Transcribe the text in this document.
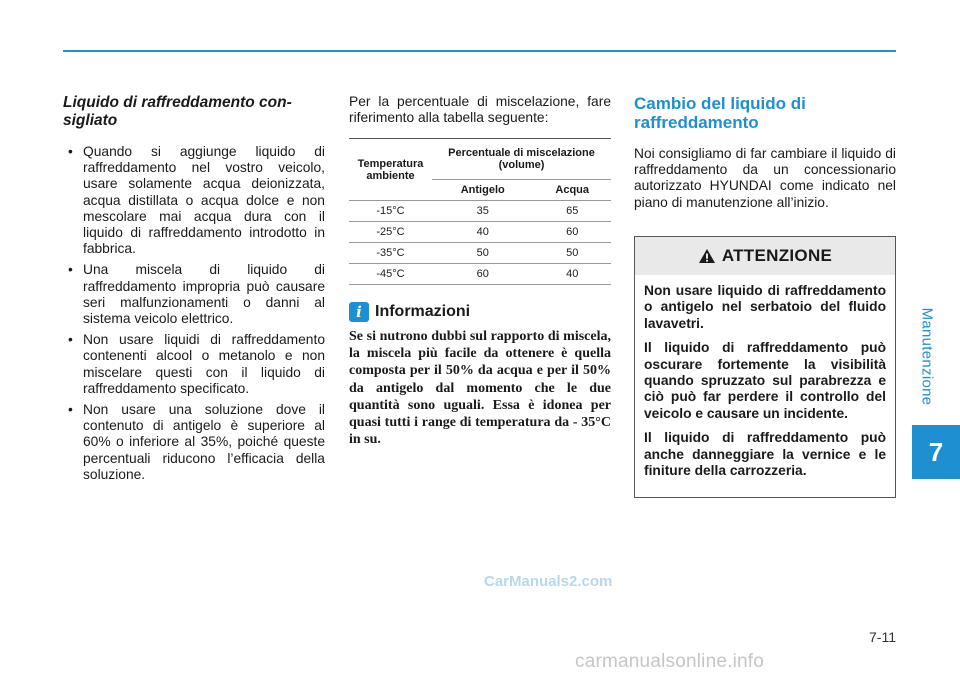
Manutenzione
7

Liquido di raffreddamento con-sigliato

• Quando si aggiunge liquido di raffreddamento nel vostro veicolo, usare solamente acqua deionizzata, acqua distillata o acqua dolce e non mescolare mai acqua dura con il liquido di raffreddamento introdotto in fabbrica.
• Una miscela di liquido di raffreddamento impropria può causare seri malfunzionamenti o danni al sistema veicolo elettrico.
• Non usare liquidi di raffreddamento contenenti alcool o metanolo e non miscelare questi con il liquido di raffreddamento specificato.
• Non usare una soluzione dove il contenuto di antigelo è superiore al 60% o inferiore al 35%, poiché queste percentuali riducono l’efficacia della soluzione.

Per la percentuale di miscelazione, fare riferimento alla tabella seguente:

Temperatura ambiente	Percentuale di miscelazione (volume)	
	Antigelo	Acqua
-15°C	35	65
-25°C	40	60
-35°C	50	50
-45°C	60	40
i Informazioni

Se si nutrono dubbi sul rapporto di miscela, la miscela più facile da ottenere è quella composta per il 50% da acqua e per il 50% da antigelo dal momento che le due quantità sono uguali. Essa è idonea per quasi tutti i range di temperatura da - 35°C in su.

Cambio del liquido di raffreddamento

Noi consigliamo di far cambiare il liquido di raffreddamento da un concessionario autorizzato HYUNDAI come indicato nel piano di manutenzione all’inizio.

ATTENZIONE

Non usare liquido di raffreddamento o antigelo nel serbatoio del fluido lavavetri.

Il liquido di raffreddamento può oscurare fortemente la visibilità quando spruzzato sul parabrezza e ciò può far perdere il controllo del veicolo e causare un incidente.

Il liquido di raffreddamento può anche danneggiare la vernice e le finiture della carrozzeria.

CarManuals2.com
7-11
carmanualsonline.info
